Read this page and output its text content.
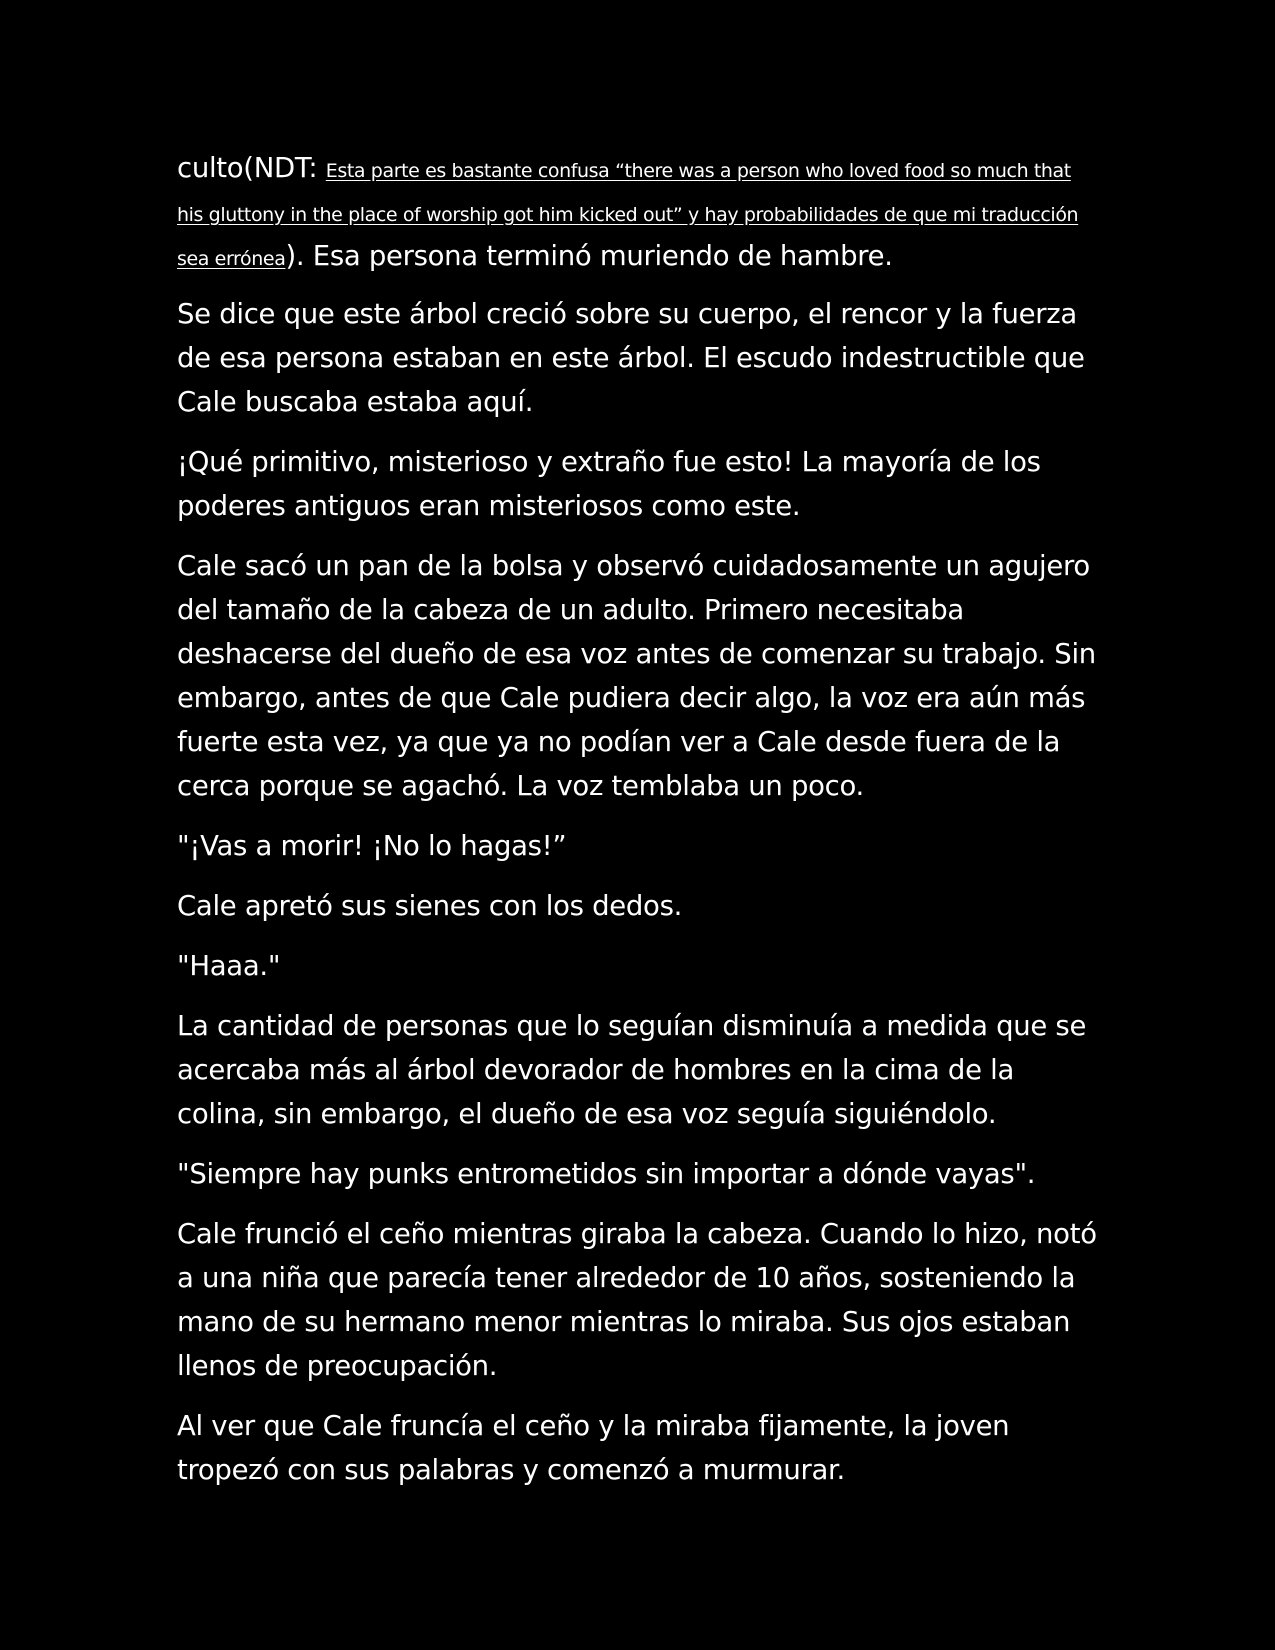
culto(NDT: Esta parte es bastante confusa “there was a person who loved food so much that his gluttony in the place of worship got him kicked out” y hay probabilidades de que mi traducción sea errónea). Esa persona terminó muriendo de hambre.

Se dice que este árbol creció sobre su cuerpo, el rencor y la fuerza de esa persona estaban en este árbol. El escudo indestructible que Cale buscaba estaba aquí.

¡Qué primitivo, misterioso y extraño fue esto! La mayoría de los poderes antiguos eran misteriosos como este.

Cale sacó un pan de la bolsa y observó cuidadosamente un agujero del tamaño de la cabeza de un adulto. Primero necesitaba deshacerse del dueño de esa voz antes de comenzar su trabajo. Sin embargo, antes de que Cale pudiera decir algo, la voz era aún más fuerte esta vez, ya que ya no podían ver a Cale desde fuera de la cerca porque se agachó. La voz temblaba un poco.

"¡Vas a morir! ¡No lo hagas!”

Cale apretó sus sienes con los dedos.

"Haaa."

La cantidad de personas que lo seguían disminuía a medida que se acercaba más al árbol devorador de hombres en la cima de la colina, sin embargo, el dueño de esa voz seguía siguiéndolo.

"Siempre hay punks entrometidos sin importar a dónde vayas".

Cale frunció el ceño mientras giraba la cabeza. Cuando lo hizo, notó a una niña que parecía tener alrededor de 10 años, sosteniendo la mano de su hermano menor mientras lo miraba. Sus ojos estaban llenos de preocupación.

Al ver que Cale fruncía el ceño y la miraba fijamente, la joven tropezó con sus palabras y comenzó a murmurar.
